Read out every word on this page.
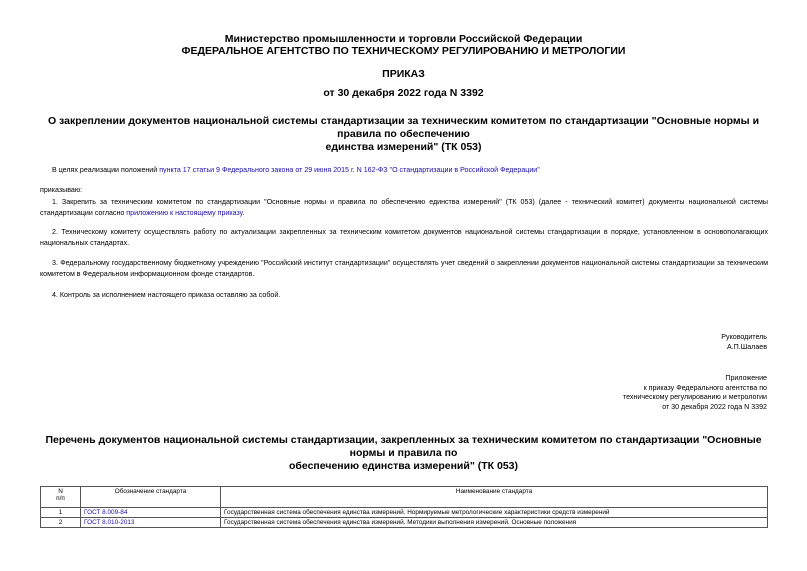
Министерство промышленности и торговли Российской Федерации
ФЕДЕРАЛЬНОЕ АГЕНТСТВО ПО ТЕХНИЧЕСКОМУ РЕГУЛИРОВАНИЮ И МЕТРОЛОГИИ
ПРИКАЗ
от 30 декабря 2022 года N 3392
О закреплении документов национальной системы стандартизации за техническим комитетом по стандартизации "Основные нормы и правила по обеспечению
единства измерений" (ТК 053)
В целях реализации положений пункта 17 статьи 9 Федерального закона от 29 июня 2015 г. N 162-ФЗ "О стандартизации в Российской Федерации"
приказываю:
1. Закрепить за техническим комитетом по стандартизации "Основные нормы и правила по обеспечению единства измерений" (ТК 053) (далее - технический комитет) документы национальной системы стандартизации согласно приложению к настоящему приказу.
2. Техническому комитету осуществлять работу по актуализации закрепленных за техническим комитетом документов национальной системы стандартизации в порядке, установленном в основополагающих национальных стандартах.
3. Федеральному государственному бюджетному учреждению "Российский институт стандартизации" осуществлять учет сведений о закреплении документов национальной системы стандартизации за техническим комитетом в Федеральном информационном фонде стандартов.
4. Контроль за исполнением настоящего приказа оставляю за собой.
Руководитель
А.П.Шалаев
Приложение
к приказу Федерального агентства по
техническому регулированию и метрологии
от 30 декабря 2022 года N 3392
Перечень документов национальной системы стандартизации, закрепленных за техническим комитетом по стандартизации "Основные нормы и правила по
обеспечению единства измерений" (ТК 053)
N
п/п	Обозначение стандарта	Наименование стандарта
1	ГОСТ 8.009-84	Государственная система обеспечения единства измерений. Нормируемые метрологические характеристики средств измерений
2	ГОСТ 8.010-2013	Государственная система обеспечения единства измерений. Методики выполнения измерений. Основные положения
